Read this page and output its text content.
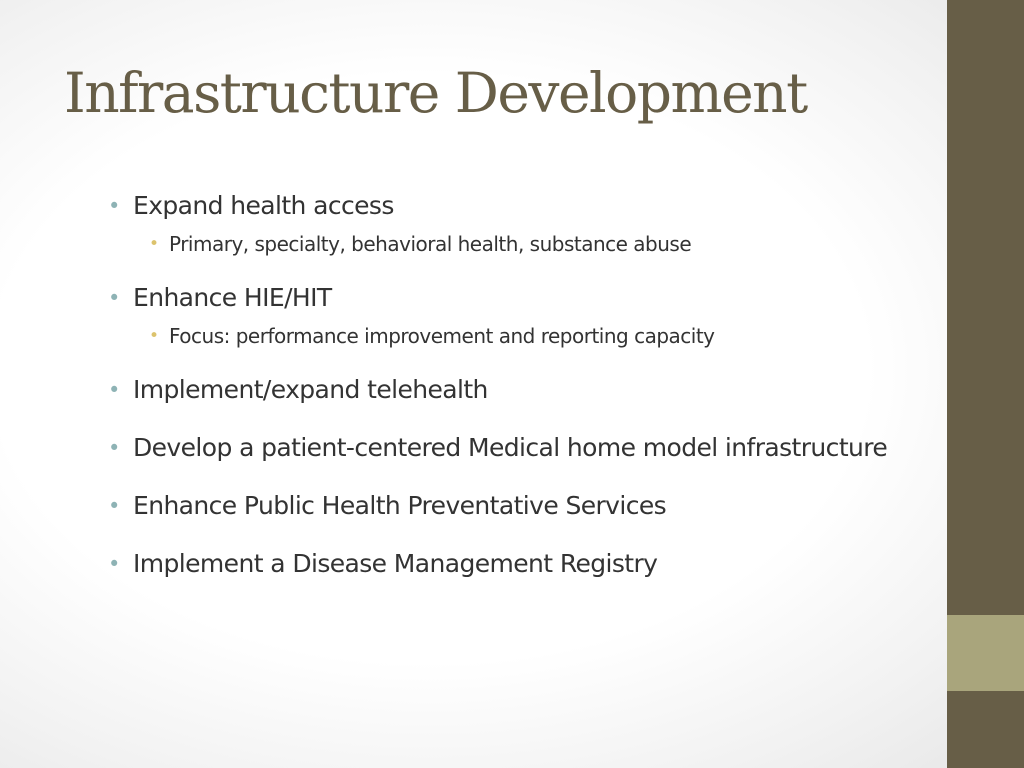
Infrastructure Development
• Expand health access
• Primary, specialty, behavioral health, substance abuse
• Enhance HIE/HIT
• Focus: performance improvement and reporting capacity
• Implement/expand telehealth
• Develop a patient-centered Medical home model infrastructure
• Enhance Public Health Preventative Services
• Implement a Disease Management Registry
